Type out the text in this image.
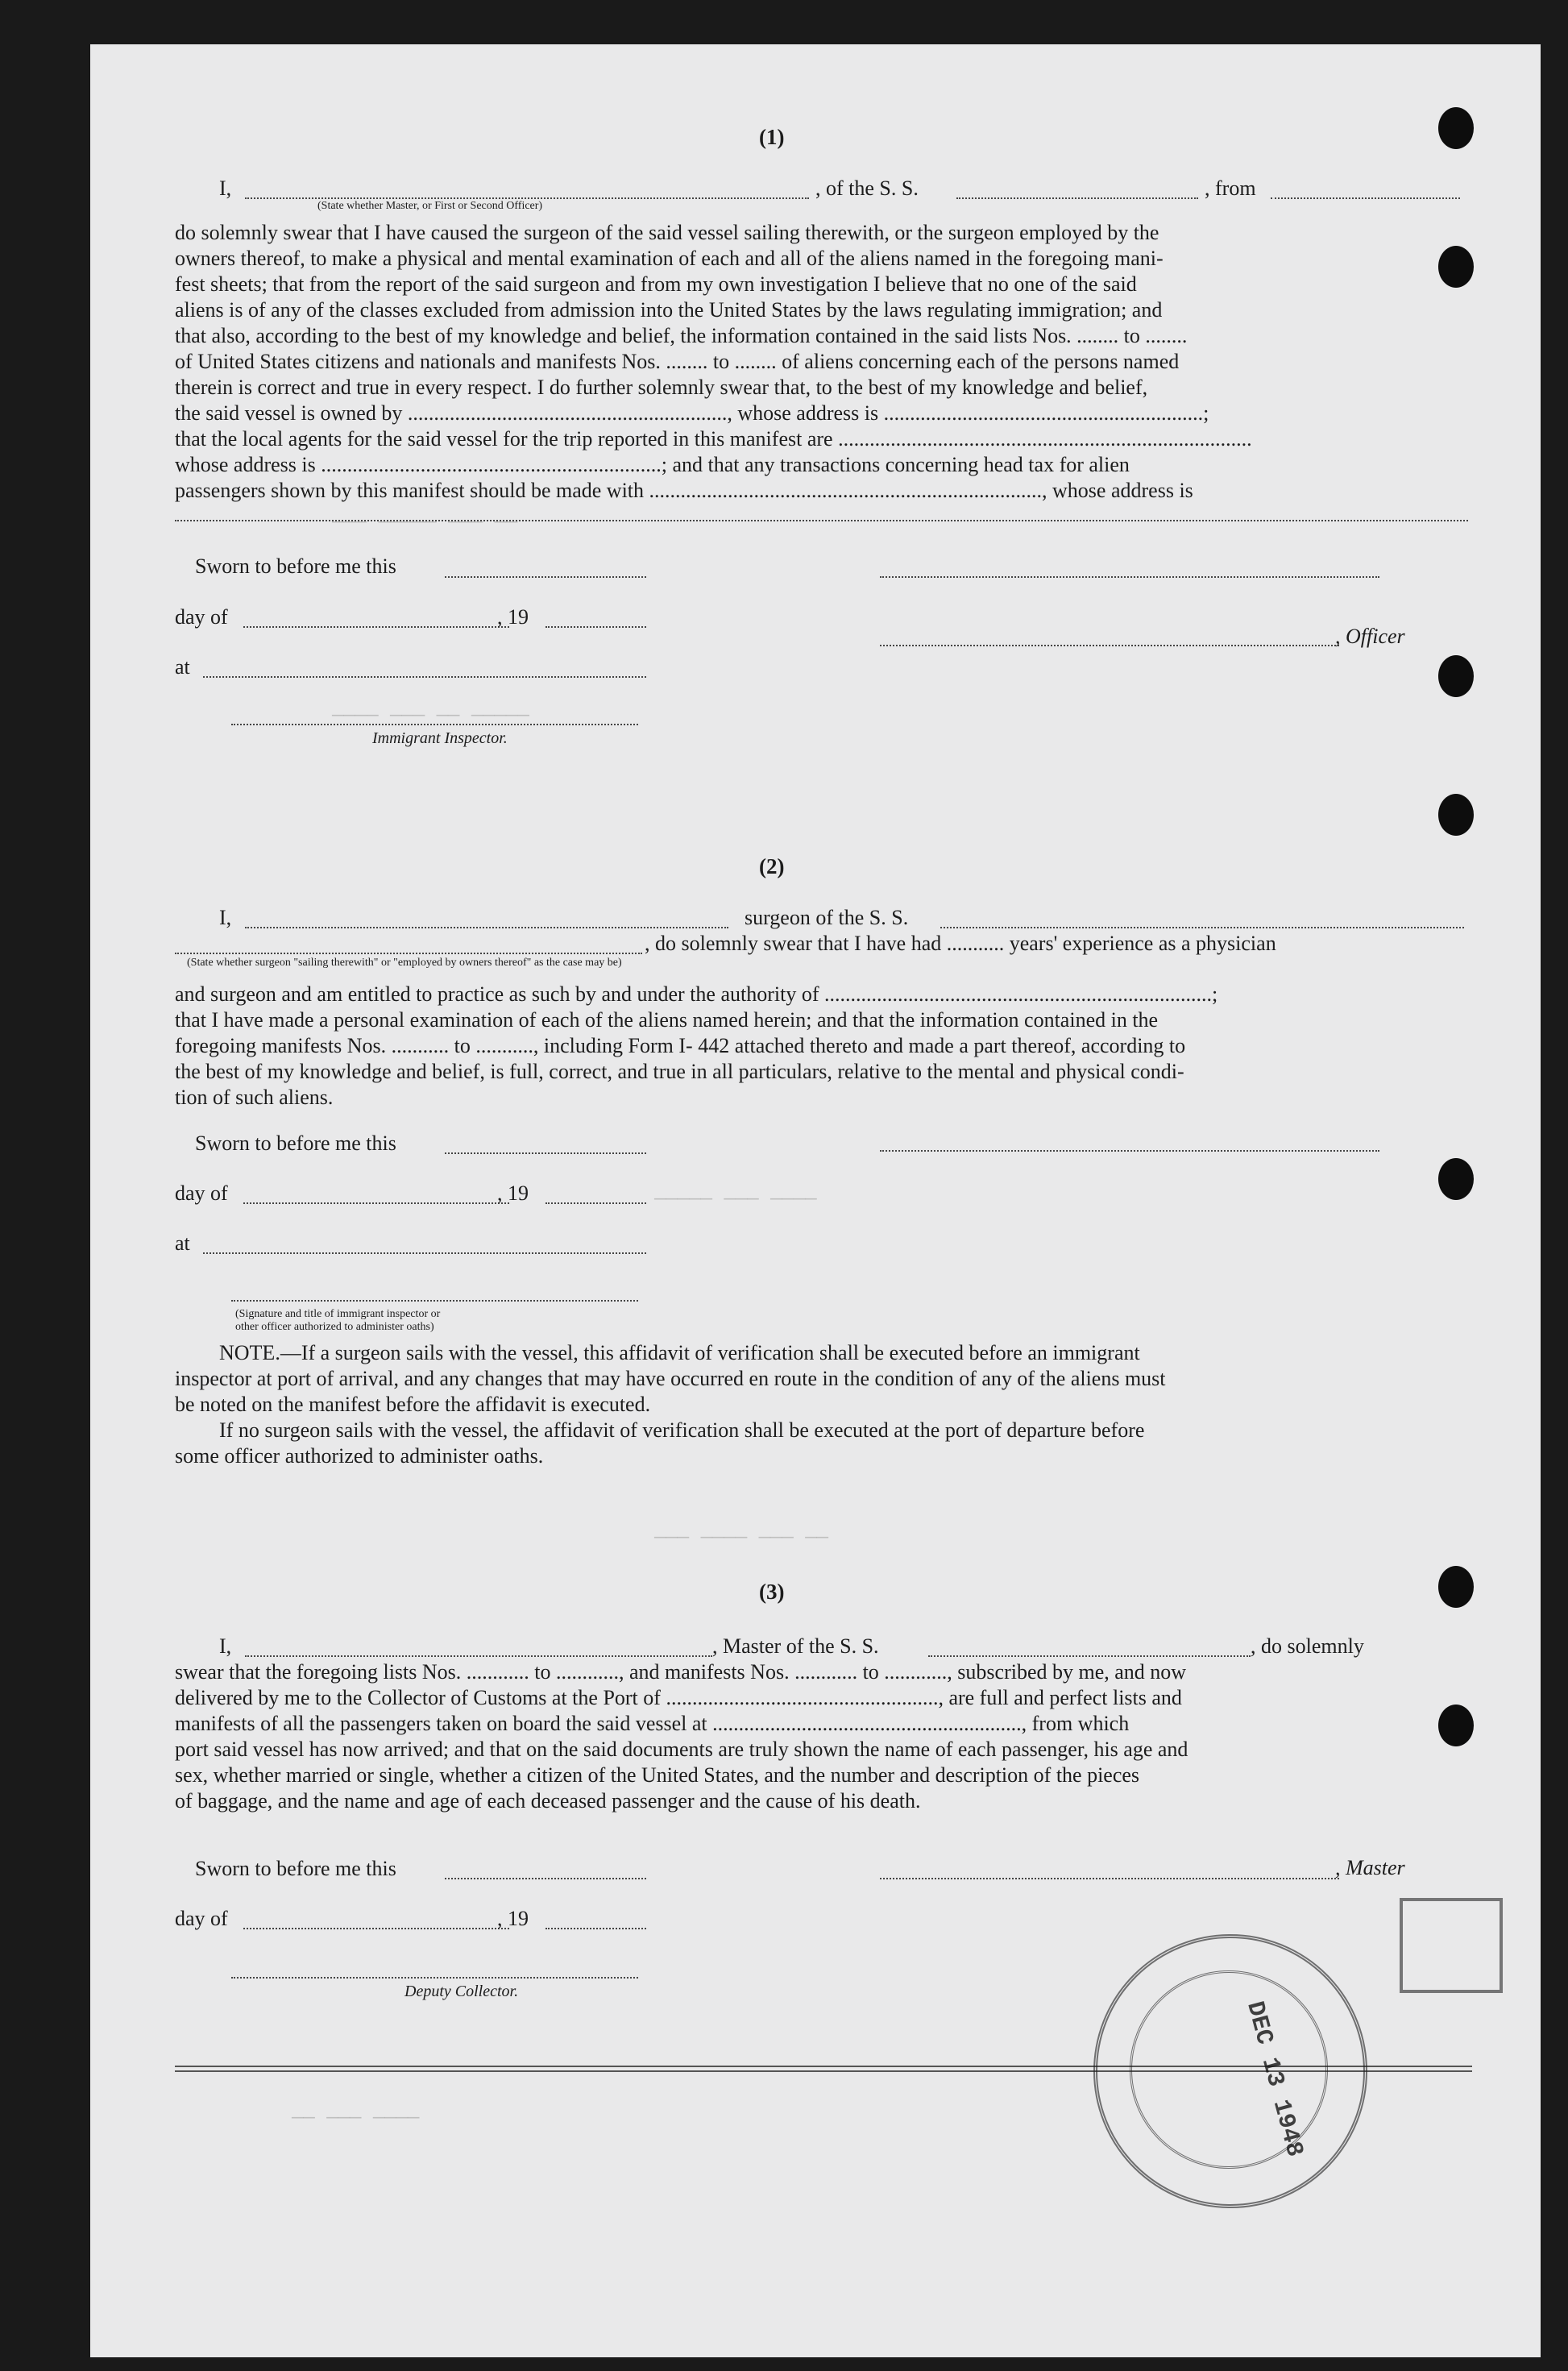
——— ————— ——— ——
———— ——— —— —————
————— ——— ————
——— ———— ——— ——
—— ——— ————
(1)
I,	, of the S. S.	, from
(State whether Master, or First or Second Officer)
do solemnly swear that I have caused the surgeon of the said vessel sailing therewith, or the surgeon employed by the
owners thereof, to make a physical and mental examination of each and all of the aliens named in the foregoing mani-
fest sheets; that from the report of the said surgeon and from my own investigation I believe that no one of the said
aliens is of any of the classes excluded from admission into the United States by the laws regulating immigration; and
that also, according to the best of my knowledge and belief, the information contained in the said lists Nos. ........ to ........
of United States citizens and nationals and manifests Nos. ........ to ........ of aliens concerning each of the persons named
therein is correct and true in every respect. I do further solemnly swear that, to the best of my knowledge and belief,
the said vessel is owned by ............................................................., whose address is .............................................................;
that the local agents for the said vessel for the trip reported in this manifest are ...............................................................................
whose address is .................................................................; and that any transactions concerning head tax for alien
passengers shown by this manifest should be made with ..........................................................................., whose address is
Sworn to before me this
day of	, 19
, Officer
at
Immigrant Inspector.
(2)
I,	surgeon of the S. S.
, do solemnly swear that I have had ........... years' experience as a physician
(State whether surgeon "sailing therewith" or "employed by owners thereof" as the case may be)
and surgeon and am entitled to practice as such by and under the authority of ..........................................................................;
that I have made a personal examination of each of the aliens named herein; and that the information contained in the
foregoing manifests Nos. ........... to ..........., including Form I- 442 attached thereto and made a part thereof, according to
the best of my knowledge and belief, is full, correct, and true in all particulars, relative to the mental and physical condi-
tion of such aliens.
Sworn to before me this
day of	, 19
at
(Signature and title of immigrant inspector or
other officer authorized to administer oaths)
NOTE.—If a surgeon sails with the vessel, this affidavit of verification shall be executed before an immigrant
inspector at port of arrival, and any changes that may have occurred en route in the condition of any of the aliens must
be noted on the manifest before the affidavit is executed.
If no surgeon sails with the vessel, the affidavit of verification shall be executed at the port of departure before
some officer authorized to administer oaths.
(3)
I,	, Master of the S. S.	, do solemnly
swear that the foregoing lists Nos. ............ to ............, and manifests Nos. ............ to ............, subscribed by me, and now
delivered by me to the Collector of Customs at the Port of ...................................................., are full and perfect lists and
manifests of all the passengers taken on board the said vessel at ..........................................................., from which
port said vessel has now arrived; and that on the said documents are truly shown the name of each passenger, his age and
sex, whether married or single, whether a citizen of the United States, and the number and description of the pieces
of baggage, and the name and age of each deceased passenger and the cause of his death.
Sworn to before me this	, Master
day of	, 19
Deputy Collector.
DEC 13 1948
